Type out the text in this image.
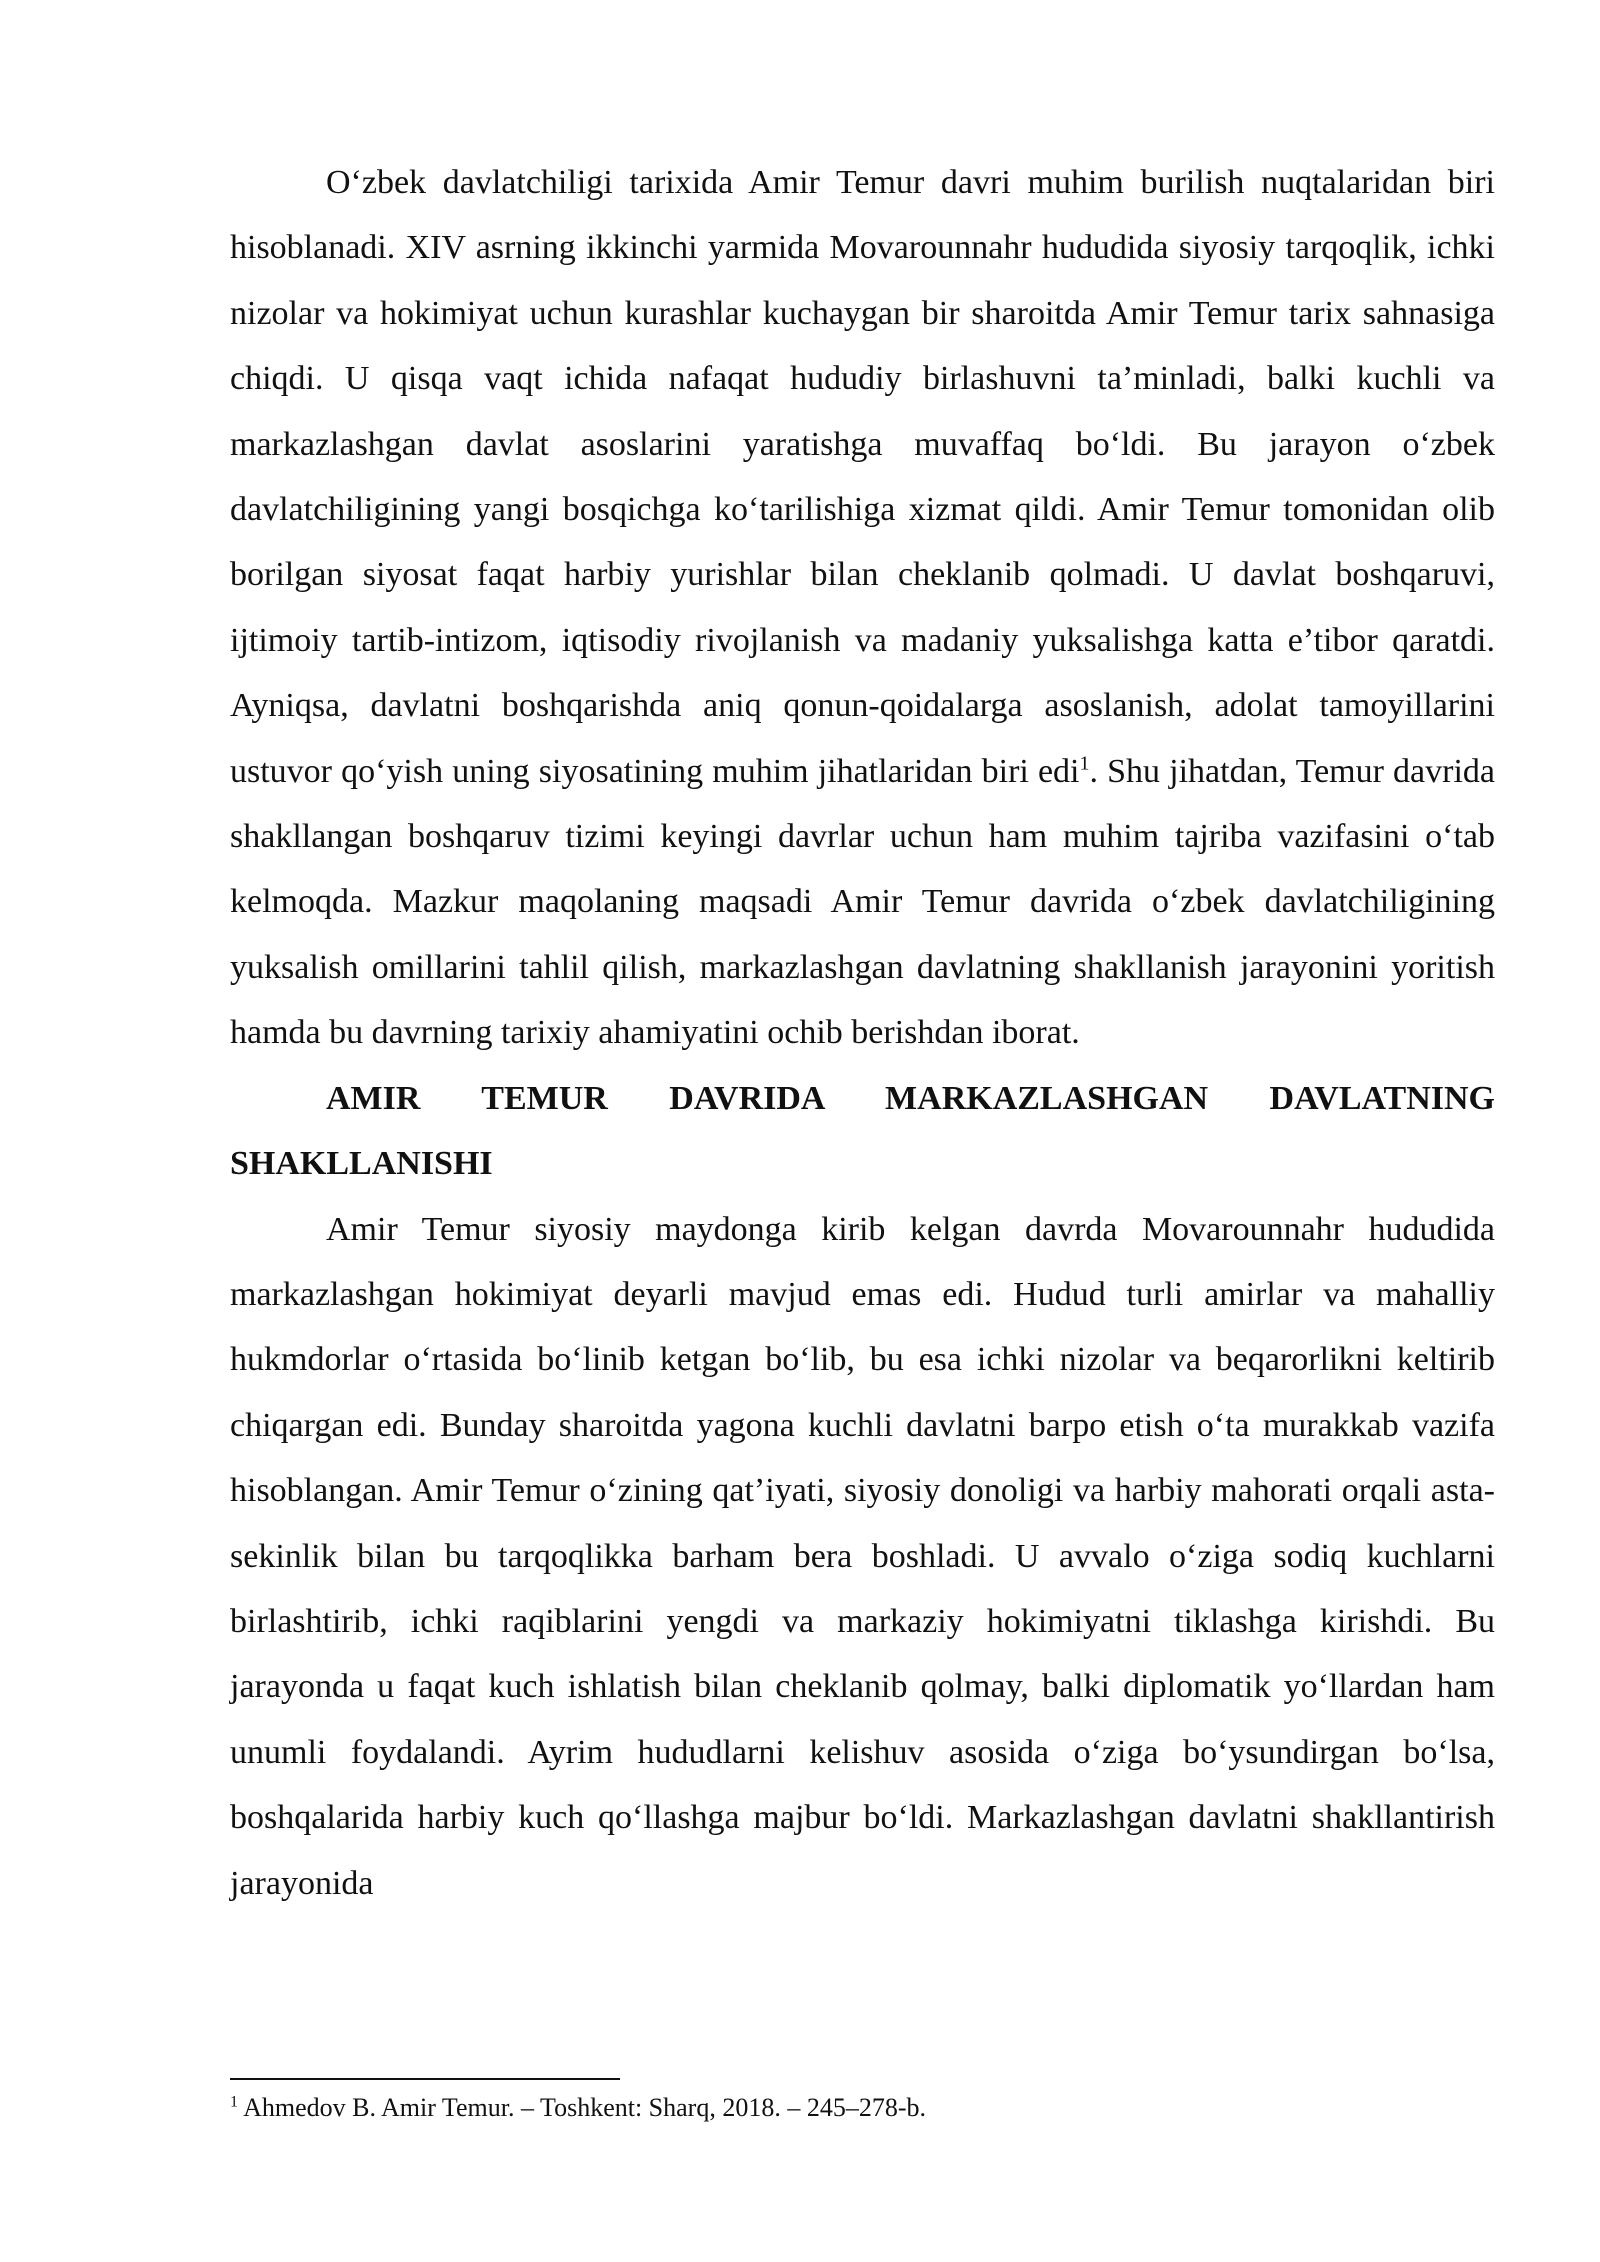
O‘zbek davlatchiligi tarixida Amir Temur davri muhim burilish nuqtalaridan biri hisoblanadi. XIV asrning ikkinchi yarmida Movarounnahr hududida siyosiy tarqoqlik, ichki nizolar va hokimiyat uchun kurashlar kuchaygan bir sharoitda Amir Temur tarix sahnasiga chiqdi. U qisqa vaqt ichida nafaqat hududiy birlashuvni ta’minladi, balki kuchli va markazlashgan davlat asoslarini yaratishga muvaffaq bo‘ldi. Bu jarayon o‘zbek davlatchiligining yangi bosqichga ko‘tarilishiga xizmat qildi. Amir Temur tomonidan olib borilgan siyosat faqat harbiy yurishlar bilan cheklanib qolmadi. U davlat boshqaruvi, ijtimoiy tartib-intizom, iqtisodiy rivojlanish va madaniy yuksalishga katta e’tibor qaratdi. Ayniqsa, davlatni boshqarishda aniq qonun-qoidalarga asoslanish, adolat tamoyillarini ustuvor qo‘yish uning siyosatining muhim jihatlaridan biri edi$^1$. Shu jihatdan, Temur davrida shakllangan boshqaruv tizimi keyingi davrlar uchun ham muhim tajriba vazifasini o‘tab kelmoqda. Mazkur maqolaning maqsadi Amir Temur davrida o‘zbek davlatchiligining yuksalish omillarini tahlil qilish, markazlashgan davlatning shakllanish jarayonini yoritish hamda bu davrning tarixiy ahamiyatini ochib berishdan iborat.

AMIR TEMUR DAVRIDA MARKAZLASHGAN DAVLATNING SHAKLLANISHI

Amir Temur siyosiy maydonga kirib kelgan davrda Movarounnahr hududida markazlashgan hokimiyat deyarli mavjud emas edi. Hudud turli amirlar va mahalliy hukmdorlar o‘rtasida bo‘linib ketgan bo‘lib, bu esa ichki nizolar va beqarorlikni keltirib chiqargan edi. Bunday sharoitda yagona kuchli davlatni barpo etish o‘ta murakkab vazifa hisoblangan. Amir Temur o‘zining qat’iyati, siyosiy donoligi va harbiy mahorati orqali asta-sekinlik bilan bu tarqoqlikka barham bera boshladi. U avvalo o‘ziga sodiq kuchlarni birlashtirib, ichki raqiblarini yengdi va markaziy hokimiyatni tiklashga kirishdi. Bu jarayonda u faqat kuch ishlatish bilan cheklanib qolmay, balki diplomatik yo‘llardan ham unumli foydalandi. Ayrim hududlarni kelishuv asosida o‘ziga bo‘ysundirgan bo‘lsa, boshqalarida harbiy kuch qo‘llashga majbur bo‘ldi. Markazlashgan davlatni shakllantirish jarayonida

$^1$ Ahmedov B. Amir Temur. – Toshkent: Sharq, 2018. – 245–278-b.
